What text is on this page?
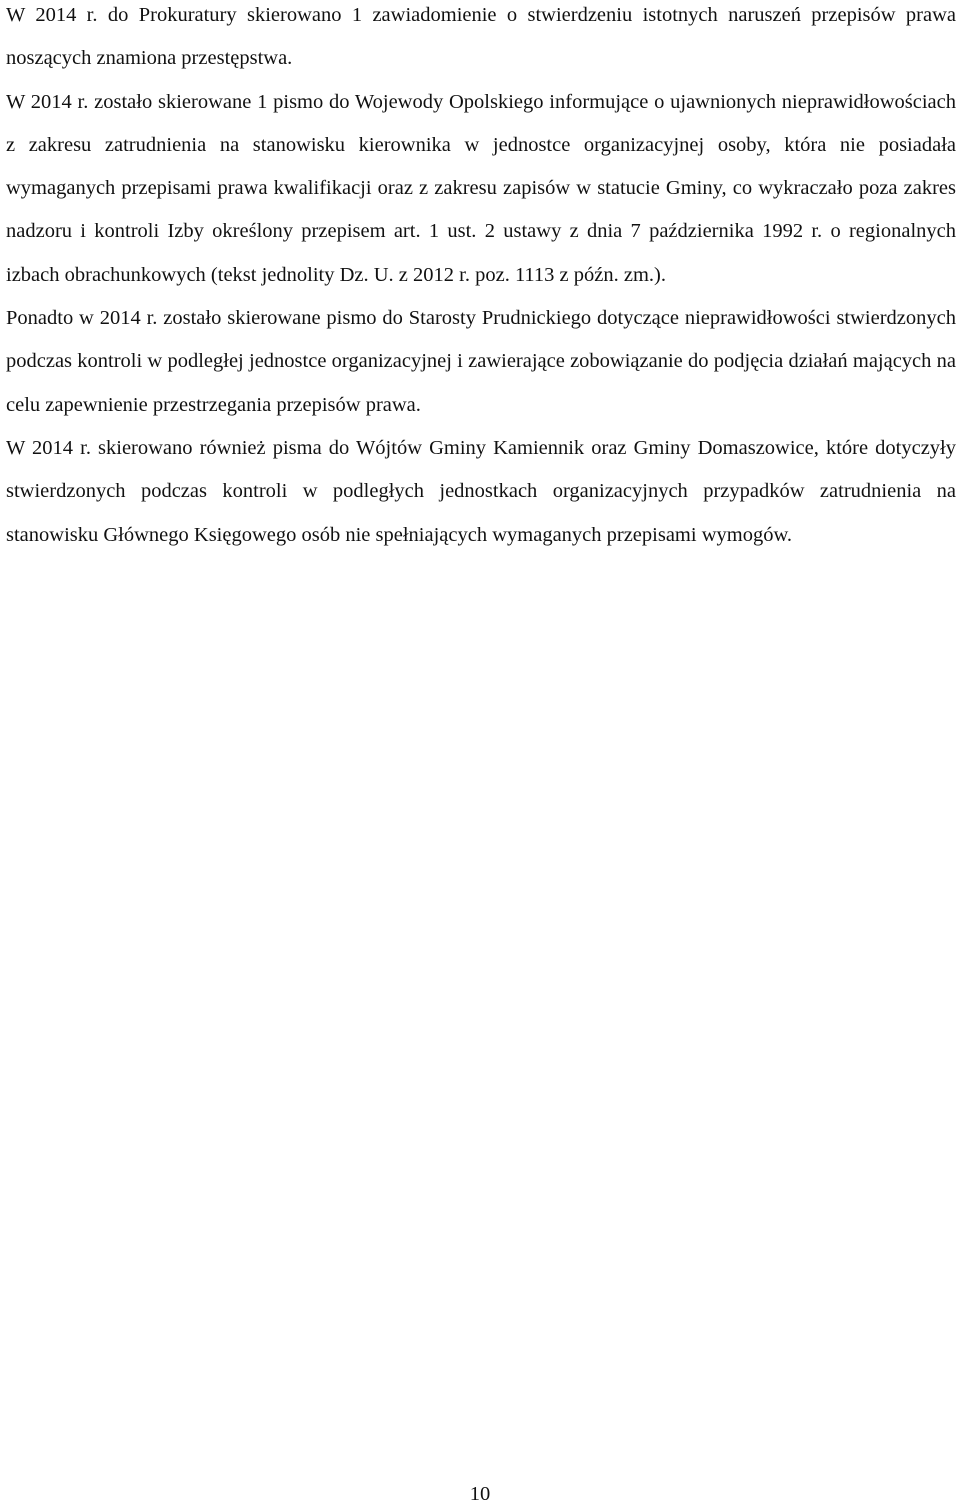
W 2014 r. do Prokuratury skierowano 1 zawiadomienie o stwierdzeniu istotnych naruszeń przepisów prawa noszących znamiona przestępstwa.

W 2014 r. zostało skierowane 1 pismo do Wojewody Opolskiego informujące o ujawnionych nieprawidłowościach z zakresu zatrudnienia na stanowisku kierownika w jednostce organizacyjnej osoby, która nie posiadała wymaganych przepisami prawa kwalifikacji oraz z zakresu zapisów w statucie Gminy, co wykraczało poza zakres nadzoru i kontroli Izby określony przepisem art. 1 ust. 2 ustawy z dnia 7 października 1992 r. o regionalnych izbach obrachunkowych (tekst jednolity Dz. U. z 2012 r. poz. 1113 z późn. zm.).

Ponadto w 2014 r. zostało skierowane pismo do Starosty Prudnickiego dotyczące nieprawidłowości stwierdzonych podczas kontroli w podległej jednostce organizacyjnej i zawierające zobowiązanie do podjęcia działań mających na celu zapewnienie przestrzegania przepisów prawa.

W 2014 r. skierowano również pisma do Wójtów Gminy Kamiennik oraz Gminy Domaszowice, które dotyczyły stwierdzonych podczas kontroli w podległych jednostkach organizacyjnych przypadków zatrudnienia na stanowisku Głównego Księgowego osób nie spełniających wymaganych przepisami wymogów.

10
